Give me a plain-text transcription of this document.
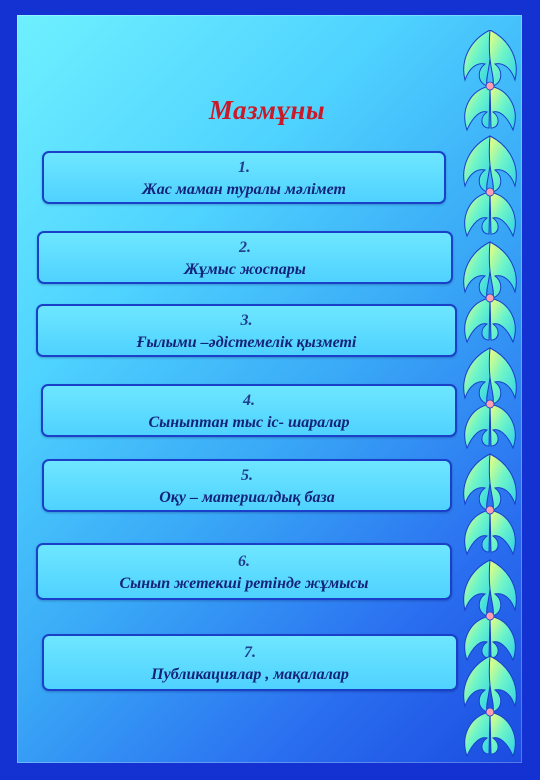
Мазмұны
1.
Жас маман туралы мәлімет
2.
Жұмыс жоспары
3.
Ғылыми –әдістемелік қызметі
4.
Сыныптан тыс іс- шаралар
5.
Оқу – материалдық база
6.
Сынып жетекшi ретінде жұмысы
7.
Публикациялар , мақалалар
